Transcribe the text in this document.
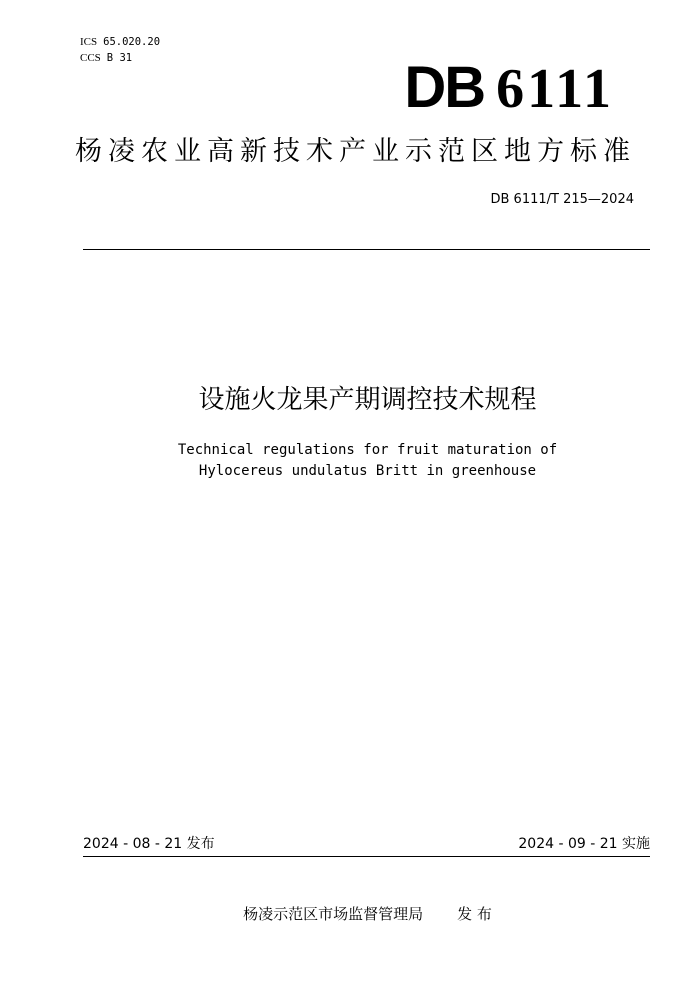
ICS 65.020.20
CCS B 31	DB 6111
杨凌农业高新技术产业示范区地方标准
DB 6111/T 215—2024
设施火龙果产期调控技术规程
Technical regulations for fruit maturation of
Hylocereus undulatus Britt in greenhouse
2024 - 08 - 21 发布	2024 - 09 - 21 实施
杨凌示范区市场监督管理局 发 布
